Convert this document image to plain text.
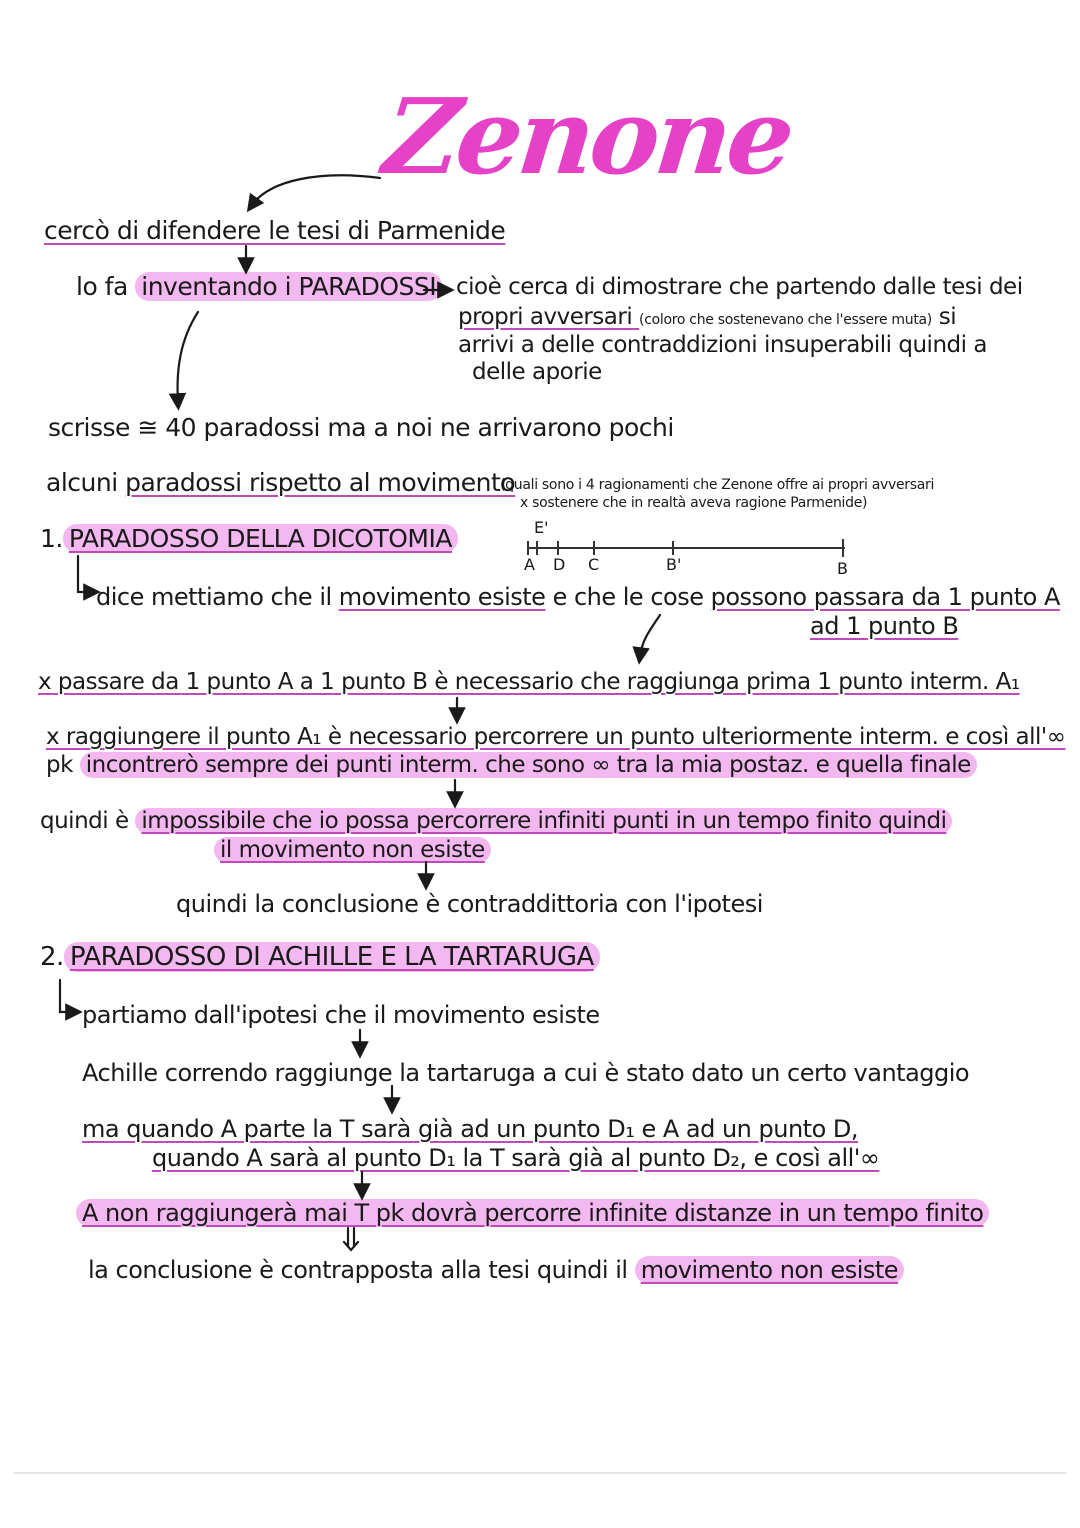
Zenone
cercò di difendere le tesi di Parmenide
lo fa inventando i PARADOSSI cioè cerca di dimostrare che partendo dalle tesi dei
propri avversari (coloro che sostenevano che l'essere muta) si
arrivi a delle contraddizioni insuperabili quindi a
delle aporie
scrisse ≅ 40 paradossi ma a noi ne arrivarono pochi
alcuni paradossi rispetto al movimento
(quali sono i 4 ragionamenti che Zenone offre ai propri avversari
x sostenere che in realtà aveva ragione Parmenide)
1. PARADOSSO DELLA DICOTOMIA	E'
A D C	B'	B
dice mettiamo che il movimento esiste e che le cose possono passara da 1 punto A
ad 1 punto B
x passare da 1 punto A a 1 punto B è necessario che raggiunga prima 1 punto interm. A₁
x raggiungere il punto A₁ è necessario percorrere un punto ulteriormente interm. e così all'∞
pk incontrerò sempre dei punti interm. che sono ∞ tra la mia postaz. e quella finale
quindi è impossibile che io possa percorrere infiniti punti in un tempo finito quindi
il movimento non esiste
quindi la conclusione è contraddittoria con l'ipotesi
2. PARADOSSO DI ACHILLE E LA TARTARUGA
partiamo dall'ipotesi che il movimento esiste
Achille correndo raggiunge la tartaruga a cui è stato dato un certo vantaggio
ma quando A parte la T sarà già ad un punto D₁ e A ad un punto D,
quando A sarà al punto D₁ la T sarà già al punto D₂, e così all'∞
A non raggiungerà mai T pk dovrà percorre infinite distanze in un tempo finito
la conclusione è contrapposta alla tesi quindi il movimento non esiste
